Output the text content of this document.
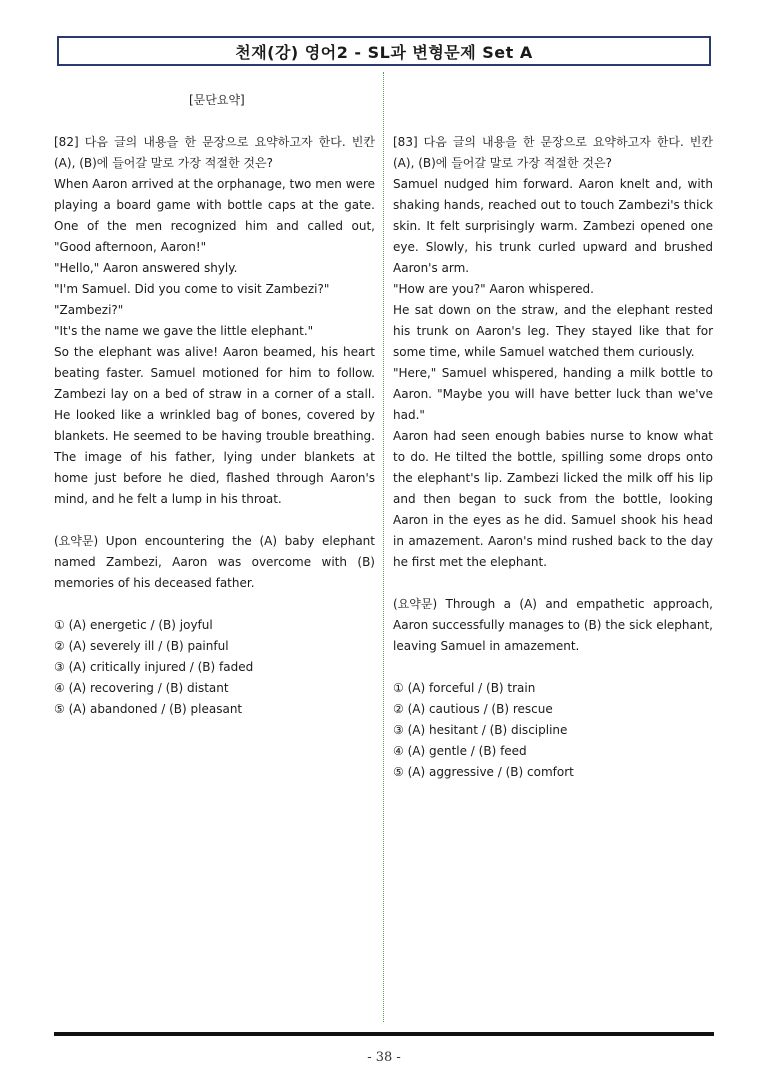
천재(강) 영어2 - SL과 변형문제 Set A

[문단요약]

[82] 다음 글의 내용을 한 문장으로 요약하고자 한다. 빈칸 (A), (B)에 들어갈 말로 가장 적절한 것은?

When Aaron arrived at the orphanage, two men were playing a board game with bottle caps at the gate. One of the men recognized him and called out, "Good afternoon, Aaron!"

"Hello," Aaron answered shyly.

"I'm Samuel. Did you come to visit Zambezi?"

"Zambezi?"

"It's the name we gave the little elephant."

So the elephant was alive! Aaron beamed, his heart beating faster. Samuel motioned for him to follow. Zambezi lay on a bed of straw in a corner of a stall. He looked like a wrinkled bag of bones, covered by blankets. He seemed to be having trouble breathing. The image of his father, lying under blankets at home just before he died, flashed through Aaron's mind, and he felt a lump in his throat.

(요약문) Upon encountering the (A) baby elephant named Zambezi, Aaron was overcome with (B) memories of his deceased father.

① (A) energetic / (B) joyful

② (A) severely ill / (B) painful

③ (A) critically injured / (B) faded

④ (A) recovering / (B) distant

⑤ (A) abandoned / (B) pleasant

[83] 다음 글의 내용을 한 문장으로 요약하고자 한다. 빈칸 (A), (B)에 들어갈 말로 가장 적절한 것은?

Samuel nudged him forward. Aaron knelt and, with shaking hands, reached out to touch Zambezi's thick skin. It felt surprisingly warm. Zambezi opened one eye. Slowly, his trunk curled upward and brushed Aaron's arm.

"How are you?" Aaron whispered.

He sat down on the straw, and the elephant rested his trunk on Aaron's leg. They stayed like that for some time, while Samuel watched them curiously.

"Here," Samuel whispered, handing a milk bottle to Aaron. "Maybe you will have better luck than we've had."

Aaron had seen enough babies nurse to know what to do. He tilted the bottle, spilling some drops onto the elephant's lip. Zambezi licked the milk off his lip and then began to suck from the bottle, looking Aaron in the eyes as he did. Samuel shook his head in amazement. Aaron's mind rushed back to the day he first met the elephant.

(요약문) Through a (A) and empathetic approach, Aaron successfully manages to (B) the sick elephant, leaving Samuel in amazement.

① (A) forceful / (B) train

② (A) cautious / (B) rescue

③ (A) hesitant / (B) discipline

④ (A) gentle / (B) feed

⑤ (A) aggressive / (B) comfort

- 38 -
